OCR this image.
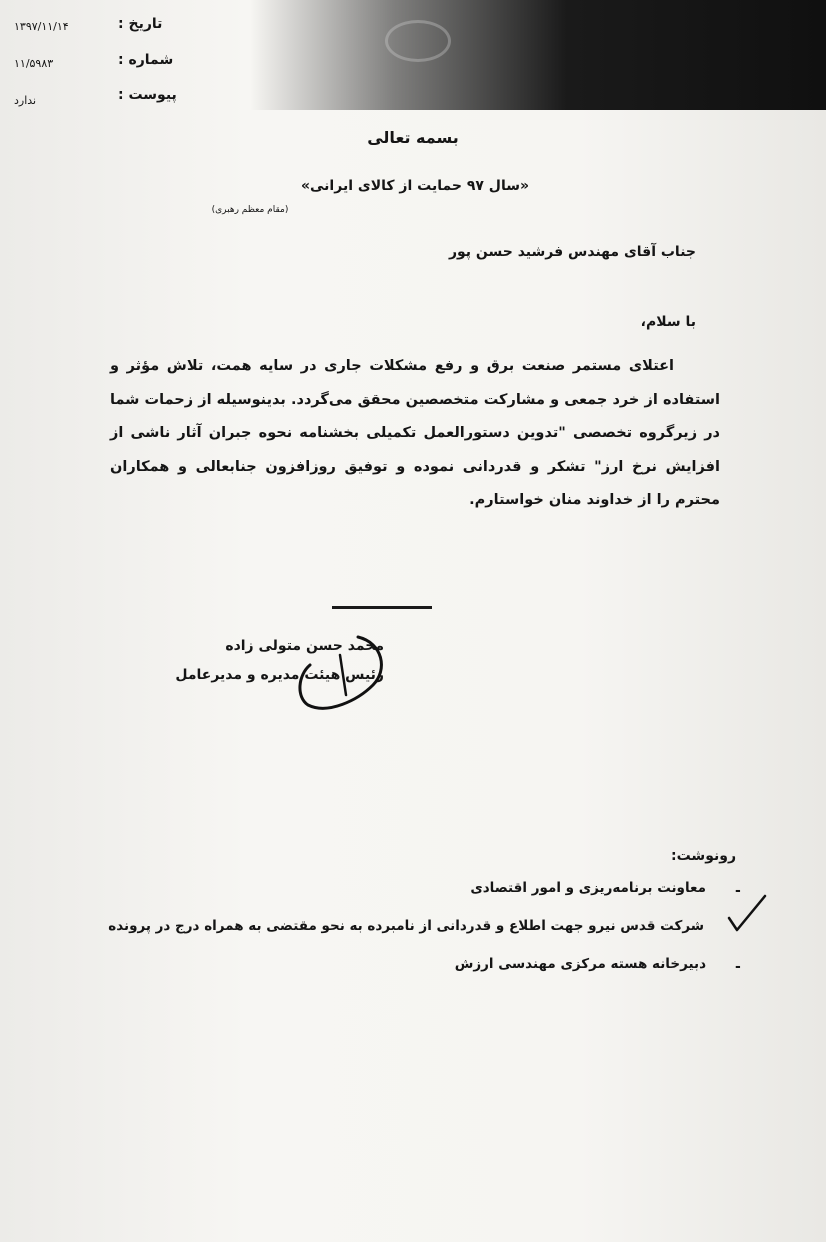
تاریخ :
۱۳۹۷/۱۱/۱۴
شماره :
۱۱/۵۹۸۳
پیوست :
ندارد
بسمه تعالی
«سال ۹۷ حمایت از کالای ایرانی»
(مقام معظم رهبری)
جناب آقای مهندس فرشید حسن پور
با سلام،

اعتلای مستمر صنعت برق و رفع مشکلات جاری در سایه همت، تلاش مؤثر و استفاده از خرد جمعی و مشارکت متخصصین محقق می‌گردد. بدینوسیله از زحمات شما در زیرگروه تخصصی "تدوین دستورالعمل تکمیلی بخشنامه نحوه جبران آثار ناشی از افزایش نرخ ارز" تشکر و قدردانی نموده و توفیق روزافزون جنابعالی و همکاران محترم را از خداوند منان خواستارم.

محمد حسن متولی زاده
رئیس هیئت مدیره و مدیرعامل
رونوشت:
-
معاونت برنامه‌ریزی و امور اقتصادی
شرکت قدس نیرو جهت اطلاع و قدردانی از نامبرده به نحو مقتضی به همراه درج در پرونده
-
دبیرخانه هسته مرکزی مهندسی ارزش
